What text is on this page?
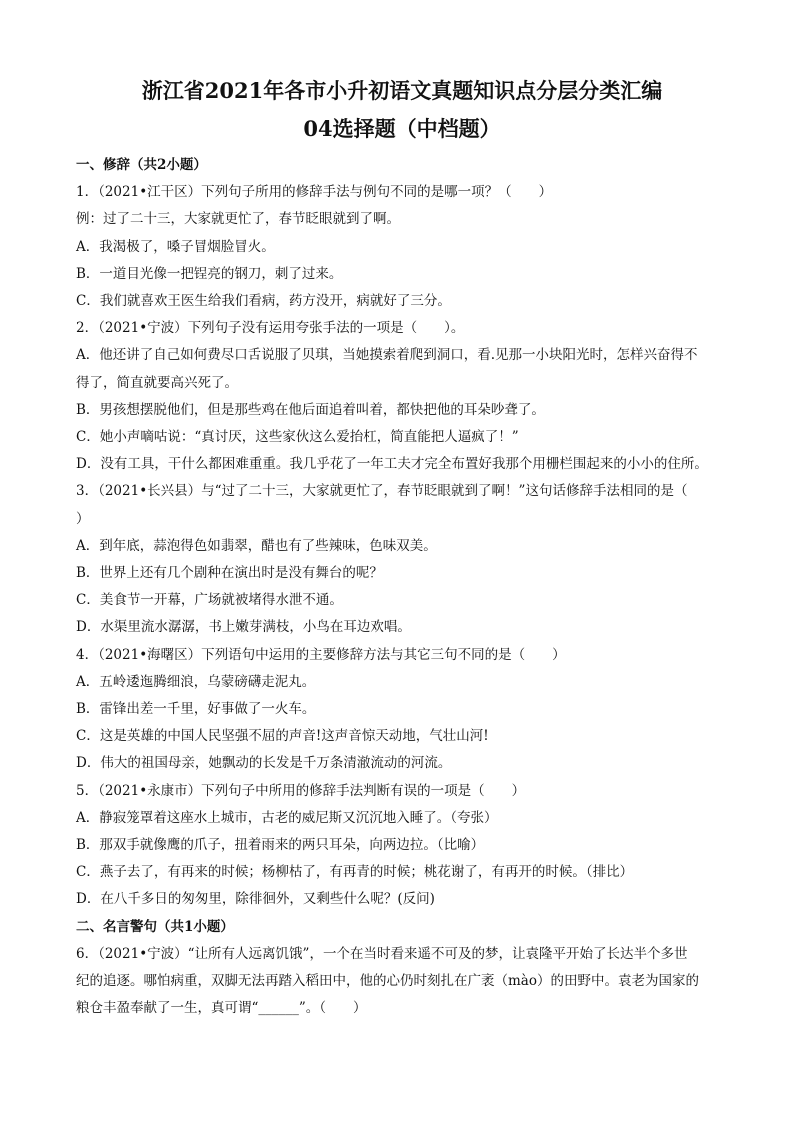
浙江省2021年各市小升初语文真题知识点分层分类汇编
04选择题（中档题）

一、修辞（共2小题）

1．（2021•江干区）下列句子所用的修辞手法与例句不同的是哪一项？（　　）

例：过了二十三，大家就更忙了，春节眨眼就到了啊。

A．我渴极了，嗓子冒烟脸冒火。

B．一道目光像一把锃亮的钢刀，刺了过来。

C．我们就喜欢王医生给我们看病，药方没开，病就好了三分。

2．（2021•宁波）下列句子没有运用夸张手法的一项是（　　）。

A．他还讲了自己如何费尽口舌说服了贝琪，当她摸索着爬到洞口，看.见那一小块阳光时，怎样兴奋得不

得了，简直就要高兴死了。

B．男孩想摆脱他们，但是那些鸡在他后面追着叫着，都快把他的耳朵吵聋了。

C．她小声嘀咕说：“真讨厌，这些家伙这么爱抬杠，简直能把人逼疯了！”

D．没有工具，干什么都困难重重。我几乎花了一年工夫才完全布置好我那个用栅栏围起来的小小的住所。

3．（2021•长兴县）与“过了二十三，大家就更忙了，春节眨眼就到了啊！”这句话修辞手法相同的是（

）

A．到年底，蒜泡得色如翡翠，醋也有了些辣味，色味双美。

B．世界上还有几个剧种在演出时是没有舞台的呢？

C．美食节一开幕，广场就被堵得水泄不通。

D．水渠里流水潺潺，书上嫩芽满枝，小鸟在耳边欢唱。

4．（2021•海曙区）下列语句中运用的主要修辞方法与其它三句不同的是（　　）

A．五岭逶迤腾细浪，乌蒙磅礴走泥丸。

B．雷锋出差一千里，好事做了一火车。

C．这是英雄的中国人民坚强不屈的声音!这声音惊天动地，气壮山河!

D．伟大的祖国母亲，她飘动的长发是千万条清澈流动的河流。

5．（2021•永康市）下列句子中所用的修辞手法判断有误的一项是（　　）

A．静寂笼罩着这座水上城市，古老的威尼斯又沉沉地入睡了。（夸张）

B．那双手就像鹰的爪子，扭着雨来的两只耳朵，向两边拉。（比喻）

C．燕子去了，有再来的时候；杨柳枯了，有再青的时候；桃花谢了，有再开的时候。（排比）

D．在八千多日的匆匆里，除徘徊外，又剩些什么呢？(反问)

二、名言警句（共1小题）

6．（2021•宁波）“让所有人远离饥饿”，一个在当时看来遥不可及的梦，让袁隆平开始了长达半个多世

纪的追逐。哪怕病重，双脚无法再踏入稻田中，他的心仍时刻扎在广袤（mào）的田野中。袁老为国家的

粮仓丰盈奉献了一生，真可谓“______”。（　　）
